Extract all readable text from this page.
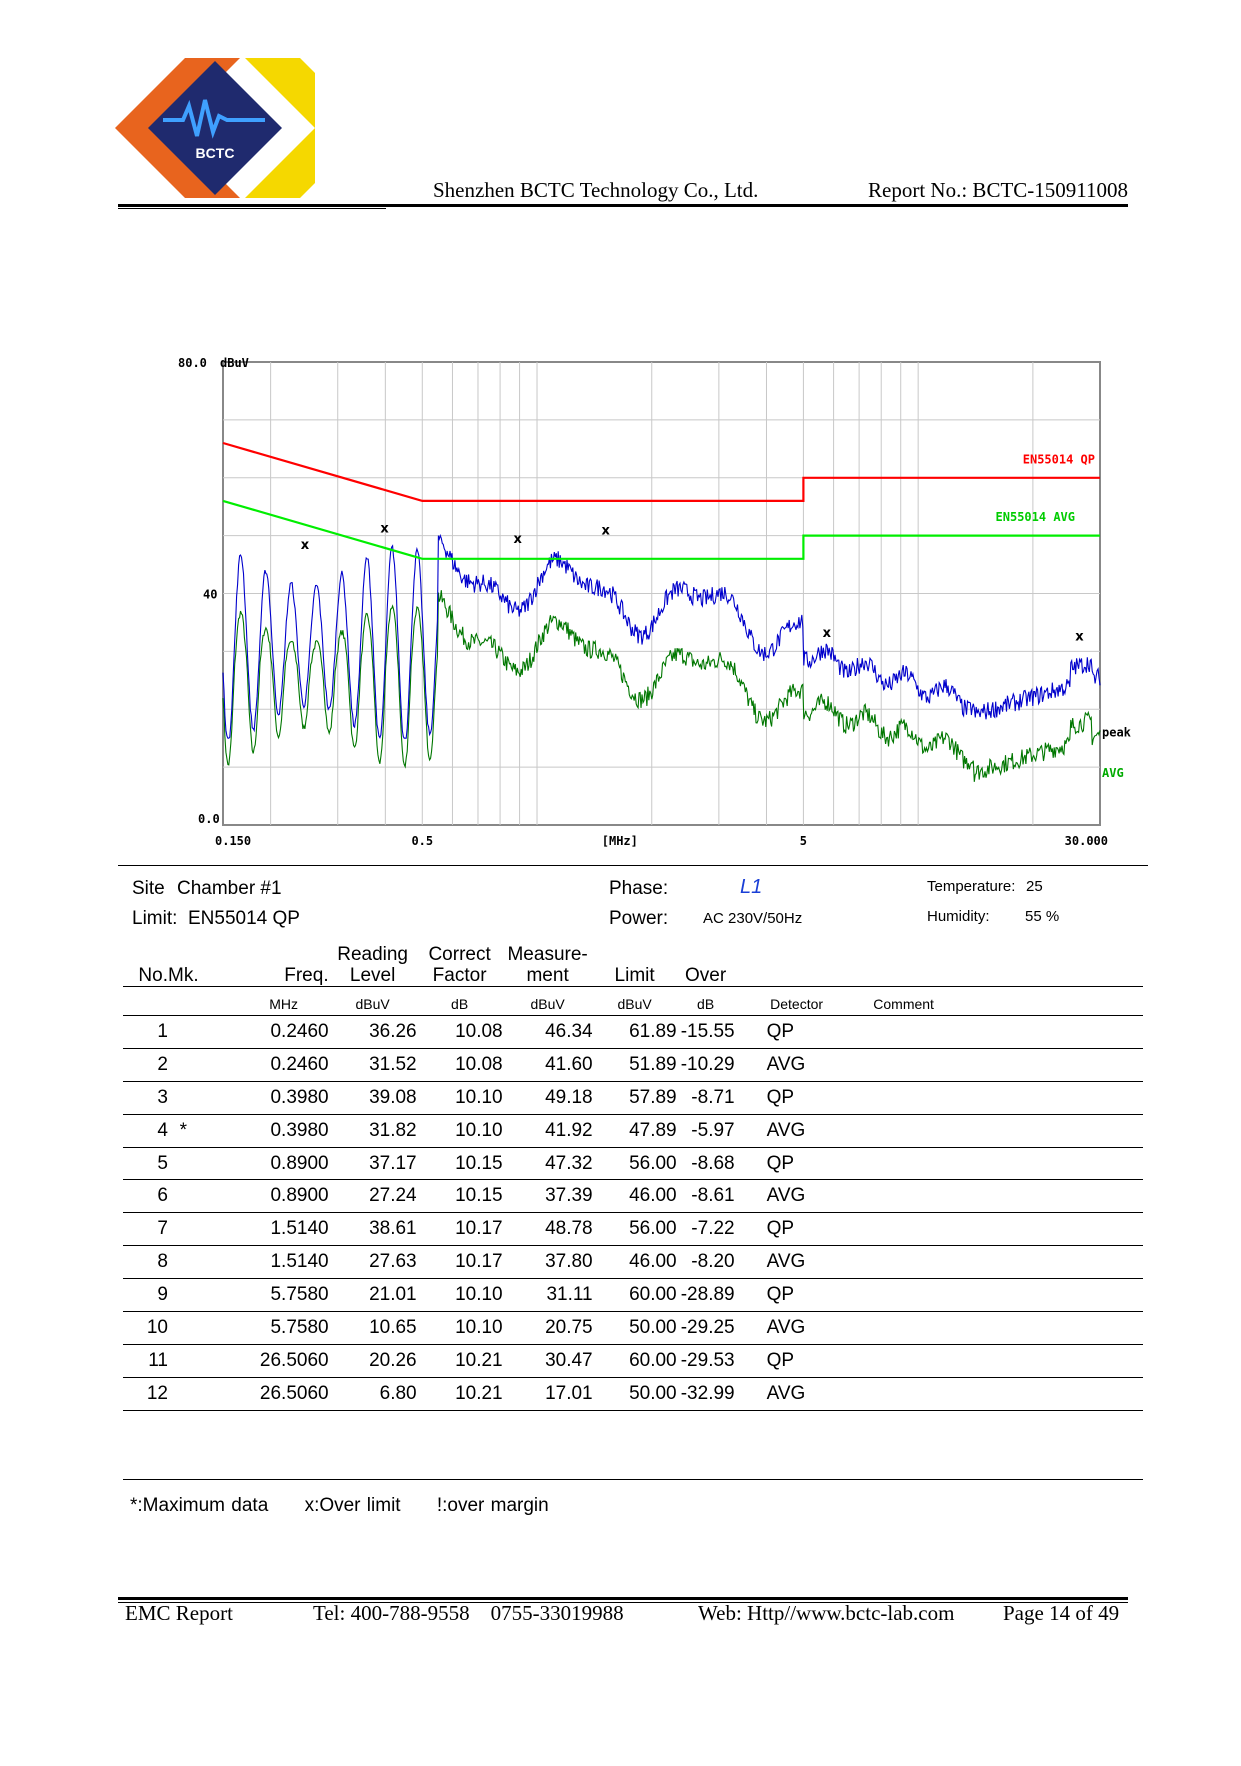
BCTC
Shenzhen BCTC Technology Co., Ltd.	Report No.: BCTC-150911008
80.0 dBuV
40
0.0
0.150	0.5	5	30.000
[MHz]
EN55014 QP
EN55014 AVG
peak
AVG
x
x
x
x
x	x
Site Chamber #1
Limit: EN55014 QP
Phase:	L1
Power: AC 230V/50Hz
Temperature: 25
Humidity: 55 %
No.	Mk.	Freq.	Reading Level	Correct Factor	Measure- ment	Limit	Over			
		MHz	dBuV	dB	dBuV	dBuV	dB	Detector	Comment	
1		0.2460	36.26	10.08	46.34	61.89	-15.55	QP		
2		0.2460	31.52	10.08	41.60	51.89	-10.29	AVG		
3		0.3980	39.08	10.10	49.18	57.89	-8.71	QP		
4	*	0.3980	31.82	10.10	41.92	47.89	-5.97	AVG		
5		0.8900	37.17	10.15	47.32	56.00	-8.68	QP		
6		0.8900	27.24	10.15	37.39	46.00	-8.61	AVG		
7		1.5140	38.61	10.17	48.78	56.00	-7.22	QP		
8		1.5140	27.63	10.17	37.80	46.00	-8.20	AVG		
9		5.7580	21.01	10.10	31.11	60.00	-28.89	QP		
10		5.7580	10.65	10.10	20.75	50.00	-29.25	AVG		
11		26.5060	20.26	10.21	30.47	60.00	-29.53	QP		
12		26.5060	6.80	10.21	17.01	50.00	-32.99	AVG		
*:Maximum data x:Over limit !:over margin
EMC Report	Tel: 400-788-9558    0755-33019988	Web: Http//www.bctc-lab.com Page 14 of 49
